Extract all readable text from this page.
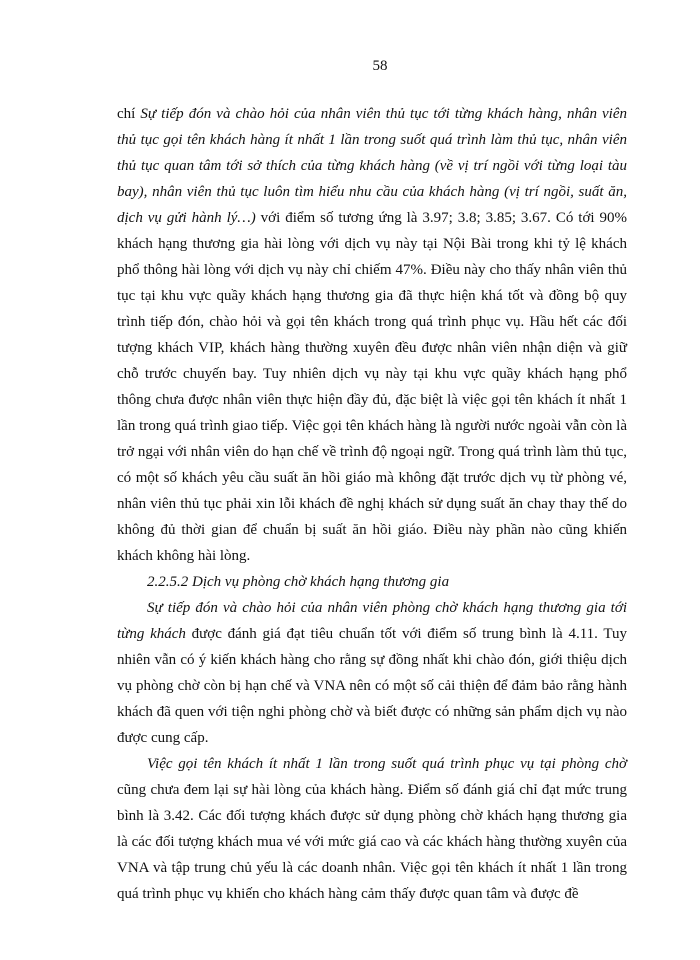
58

chí Sự tiếp đón và chào hỏi của nhân viên thủ tục tới từng khách hàng, nhân viên thủ tục gọi tên khách hàng ít nhất 1 lần trong suốt quá trình làm thủ tục, nhân viên thủ tục quan tâm tới sở thích của từng khách hàng (về vị trí ngồi với từng loại tàu bay), nhân viên thủ tục luôn tìm hiểu nhu cầu của khách hàng (vị trí ngồi, suất ăn, dịch vụ gửi hành lý…) với điểm số tương ứng là 3.97; 3.8; 3.85; 3.67. Có tới 90% khách hạng thương gia hài lòng với dịch vụ này tại Nội Bài trong khi tỷ lệ khách phổ thông hài lòng với dịch vụ này chỉ chiếm 47%. Điều này cho thấy nhân viên thủ tục tại khu vực quầy khách hạng thương gia đã thực hiện khá tốt và đồng bộ quy trình tiếp đón, chào hỏi và gọi tên khách trong quá trình phục vụ. Hầu hết các đối tượng khách VIP, khách hàng thường xuyên đều được nhân viên nhận diện và giữ chỗ trước chuyến bay. Tuy nhiên dịch vụ này tại khu vực quầy khách hạng phổ thông chưa được nhân viên thực hiện đầy đủ, đặc biệt là việc gọi tên khách ít nhất 1 lần trong quá trình giao tiếp. Việc gọi tên khách hàng là người nước ngoài vẫn còn là trở ngại với nhân viên do hạn chế về trình độ ngoại ngữ. Trong quá trình làm thủ tục, có một số khách yêu cầu suất ăn hồi giáo mà không đặt trước dịch vụ từ phòng vé, nhân viên thủ tục phải xin lỗi khách đề nghị khách sử dụng suất ăn chay thay thế do không đủ thời gian để chuẩn bị suất ăn hồi giáo. Điều này phần nào cũng khiến khách không hài lòng.

2.2.5.2 Dịch vụ phòng chờ khách hạng thương gia

Sự tiếp đón và chào hỏi của nhân viên phòng chờ khách hạng thương gia tới từng khách được đánh giá đạt tiêu chuẩn tốt với điểm số trung bình là 4.11. Tuy nhiên vẫn có ý kiến khách hàng cho rằng sự đồng nhất khi chào đón, giới thiệu dịch vụ phòng chờ còn bị hạn chế và VNA nên có một số cải thiện để đảm bảo rằng hành khách đã quen với tiện nghi phòng chờ và biết được có những sản phẩm dịch vụ nào được cung cấp.

Việc gọi tên khách ít nhất 1 lần trong suốt quá trình phục vụ tại phòng chờ cũng chưa đem lại sự hài lòng của khách hàng. Điểm số đánh giá chỉ đạt mức trung bình là 3.42. Các đối tượng khách được sử dụng phòng chờ khách hạng thương gia là các đối tượng khách mua vé với mức giá cao và các khách hàng thường xuyên của VNA và tập trung chủ yếu là các doanh nhân. Việc gọi tên khách ít nhất 1 lần trong quá trình phục vụ khiến cho khách hàng cảm thấy được quan tâm và được đề
